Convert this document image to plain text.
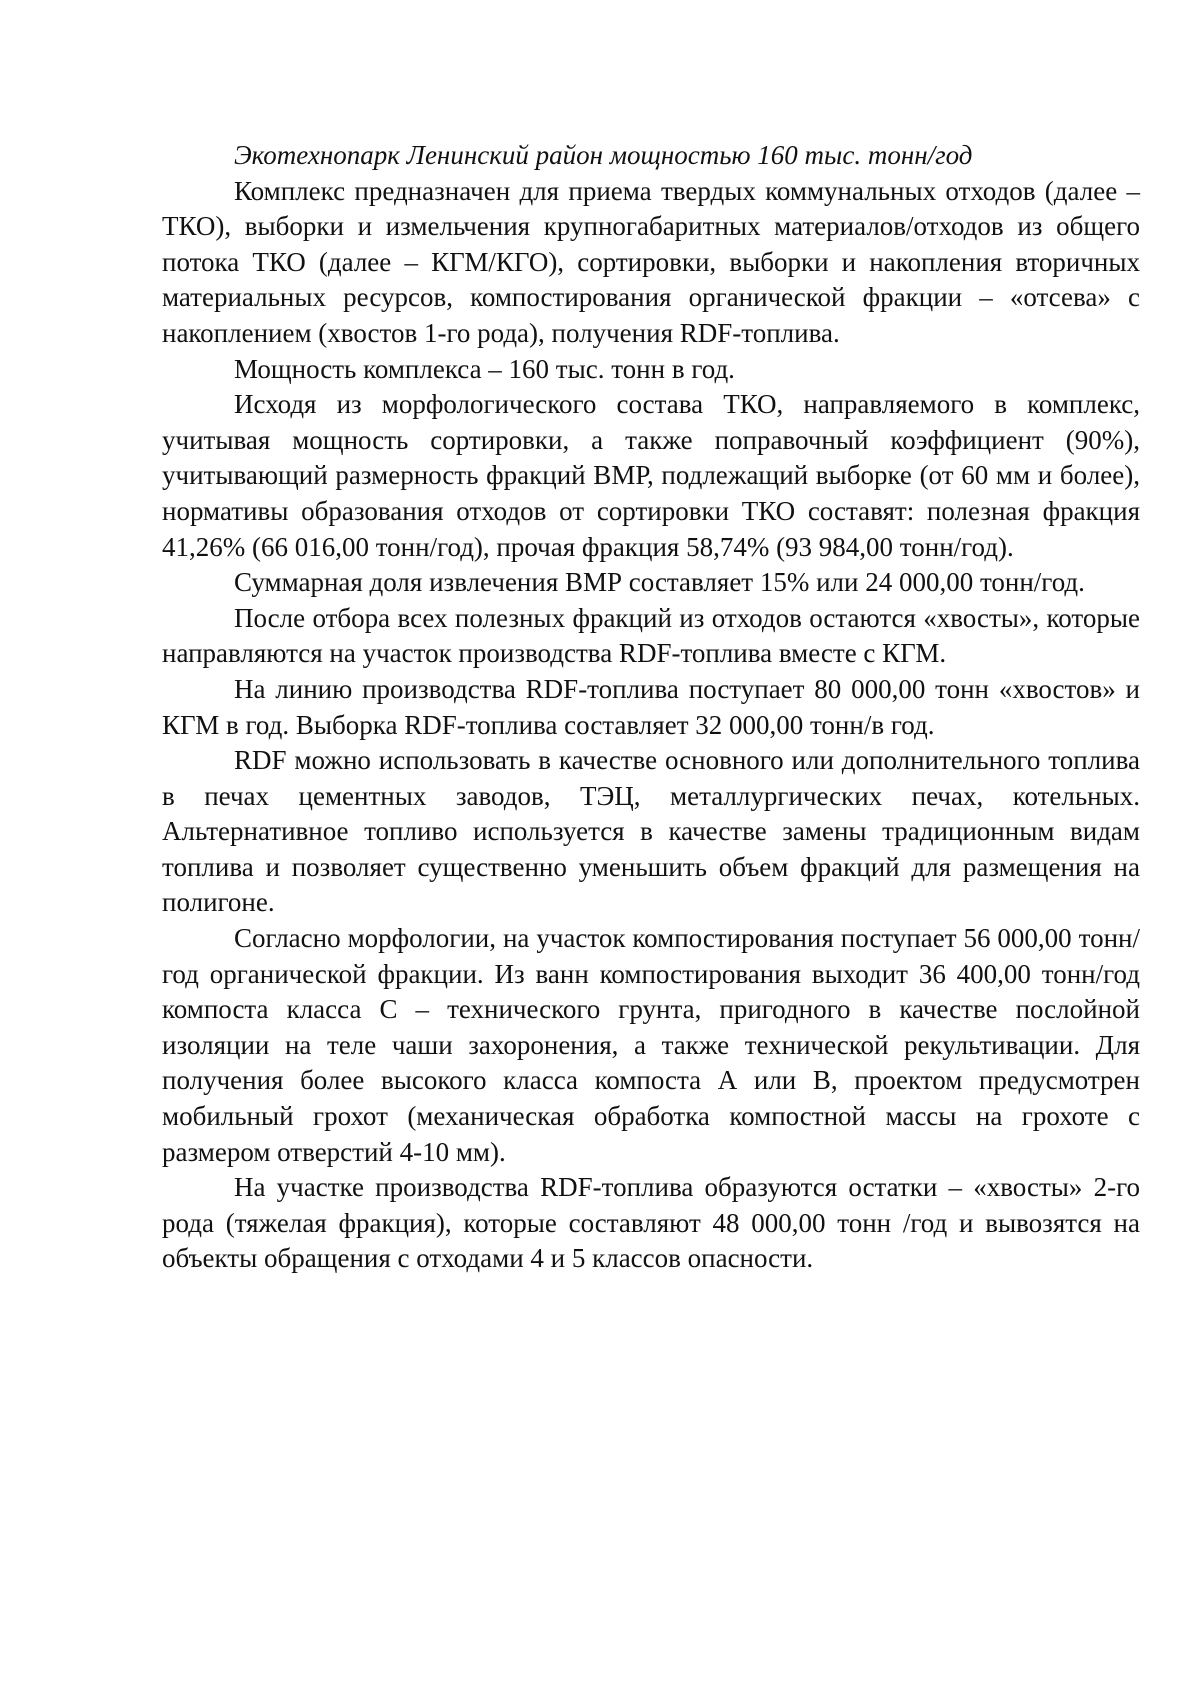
Экотехнопарк Ленинский район мощностью 160 тыс. тонн/год

Комплекс предназначен для приема твердых коммунальных отходов (далее – ТКО), выборки и измельчения крупногабаритных материалов/отходов из общего потока ТКО (далее – КГМ/КГО), сортировки, выборки и накопления вторичных материальных ресурсов, компостирования органической фракции – «отсева» с накоплением (хвостов 1-го рода), получения RDF-топлива.

Мощность комплекса – 160 тыс. тонн в год.

Исходя из морфологического состава ТКО, направляемого в комплекс, учитывая мощность сортировки, а также поправочный коэффициент (90%), учитывающий размерность фракций ВМР, подлежащий выборке (от 60 мм и более), нормативы образования отходов от сортировки ТКО составят: полезная фракция 41,26% (66 016,00 тонн/год), прочая фракция 58,74% (93 984,00 тонн/год).

Суммарная доля извлечения ВМР составляет 15% или 24 000,00 тонн/год.

После отбора всех полезных фракций из отходов остаются «хвосты», которые направляются на участок производства RDF-топлива вместе с КГМ.

На линию производства RDF-топлива поступает 80 000,00 тонн «хвостов» и КГМ в год. Выборка RDF-топлива составляет 32 000,00 тонн/в год.

RDF можно использовать в качестве основного или дополнительного топлива в печах цементных заводов, ТЭЦ, металлургических печах, котельных. Альтернативное топливо используется в качестве замены традиционным видам топлива и позволяет существенно уменьшить объем фракций для размещения на полигоне.

Согласно морфологии, на участок компостирования поступает 56 000,00 тонн/год органической фракции. Из ванн компостирования выходит 36 400,00 тонн/год компоста класса С – технического грунта, пригодного в качестве послойной изоляции на теле чаши захоронения, а также технической рекультивации. Для получения более высокого класса компоста А или В, проектом предусмотрен мобильный грохот (механическая обработка компостной массы на грохоте с размером отверстий 4-10 мм).

На участке производства RDF-топлива образуются остатки – «хвосты» 2-го рода (тяжелая фракция), которые составляют 48 000,00 тонн /год и вывозятся на объекты обращения с отходами 4 и 5 классов опасности.
